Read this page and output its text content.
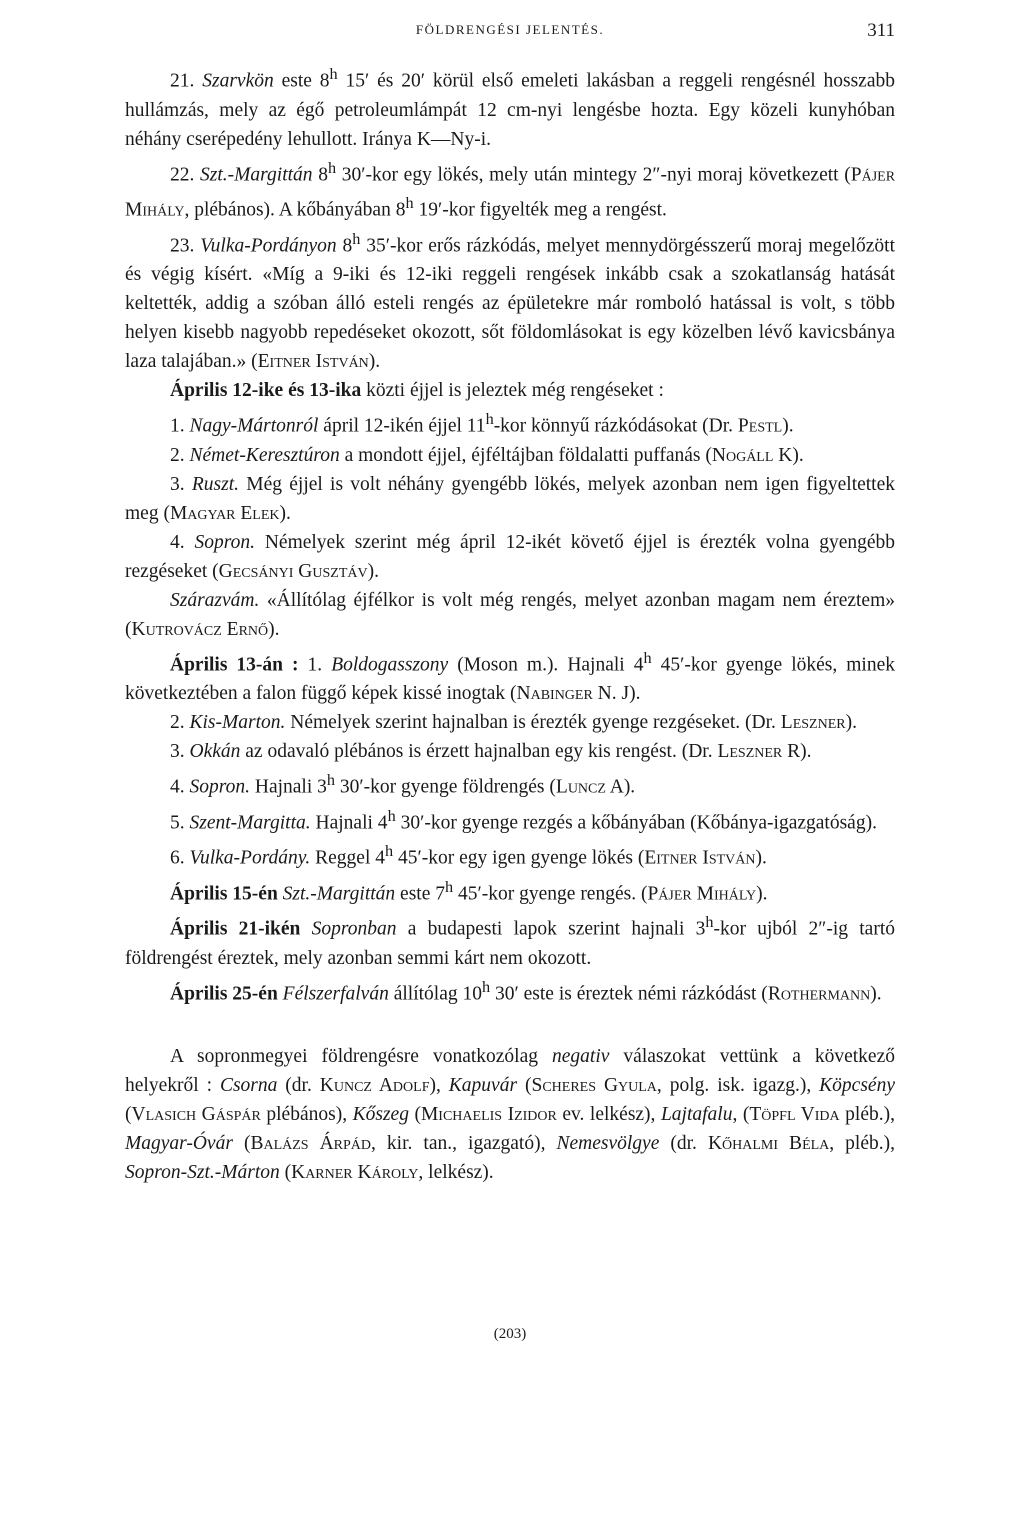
FÖLDRENGÉSI JELENTÉS.	311

21. Szarvkön este 8$^h$ 15′ és 20′ körül első emeleti lakásban a reggeli rengésnél hosszabb hullámzás, mely az égő petroleumlámpát 12 cm-nyi lengésbe hozta. Egy közeli kunyhóban néhány cserépedény lehullott. Iránya K—Ny-i.

22. Szt.-Margittán 8$^h$ 30′-kor egy lökés, mely után mintegy 2″-nyi moraj következett (Pájer Mihály, plébános). A kőbányában 8$^h$ 19′-kor figyelték meg a rengést.

23. Vulka-Pordányon 8$^h$ 35′-kor erős rázkódás, melyet mennydörgésszerű moraj megelőzött és végig kísért. «Míg a 9-iki és 12-iki reggeli rengések inkább csak a szokatlanság hatását keltették, addig a szóban álló esteli rengés az épületekre már romboló hatással is volt, s több helyen kisebb nagyobb repedéseket okozott, sőt földomlásokat is egy közelben lévő kavicsbánya laza talajában.» (Eitner István).

Április 12-ike és 13-ika közti éjjel is jeleztek még rengéseket :

1. Nagy-Mártonról ápril 12-ikén éjjel 11$^h$-kor könnyű rázkódásokat (Dr. Pestl).

2. Német-Keresztúron a mondott éjjel, éjféltájban földalatti puffanás (Nogáll K).

3. Ruszt. Még éjjel is volt néhány gyengébb lökés, melyek azonban nem igen figyeltettek meg (Magyar Elek).

4. Sopron. Némelyek szerint még ápril 12-ikét követő éjjel is érezték volna gyengébb rezgéseket (Gecsányi Gusztáv).

Szárazvám. «Állítólag éjfélkor is volt még rengés, melyet azonban magam nem éreztem» (Kutrovácz Ernő).

Április 13-án : 1. Boldogasszony (Moson m.). Hajnali 4$^h$ 45′-kor gyenge lökés, minek következtében a falon függő képek kissé inogtak (Nabinger N. J).

2. Kis-Marton. Némelyek szerint hajnalban is érezték gyenge rezgéseket. (Dr. Leszner).

3. Okkán az odavaló plébános is érzett hajnalban egy kis rengést. (Dr. Leszner R).

4. Sopron. Hajnali 3$^h$ 30′-kor gyenge földrengés (Luncz A).

5. Szent-Margitta. Hajnali 4$^h$ 30′-kor gyenge rezgés a kőbányában (Kőbánya-igazgatóság).

6. Vulka-Pordány. Reggel 4$^h$ 45′-kor egy igen gyenge lökés (Eitner István).

Április 15-én Szt.-Margittán este 7$^h$ 45′-kor gyenge rengés. (Pájer Mihály).

Április 21-ikén Sopronban a budapesti lapok szerint hajnali 3$^h$-kor ujból 2″-ig tartó földrengést éreztek, mely azonban semmi kárt nem okozott.

Április 25-én Félszerfalván állítólag 10$^h$ 30′ este is éreztek némi rázkódást (Rothermann).

A sopronmegyei földrengésre vonatkozólag negativ válaszokat vettünk a következő helyekről : Csorna (dr. Kuncz Adolf), Kapuvár (Scheres Gyula, polg. isk. igazg.), Köpcsény (Vlasich Gáspár plébános), Kőszeg (Michaelis Izidor ev. lelkész), Lajtafalu, (Töpfl Vida pléb.), Magyar-Óvár (Balázs Árpád, kir. tan., igazgató), Nemesvölgye (dr. Kőhalmi Béla, pléb.), Sopron-Szt.-Márton (Karner Károly, lelkész).

(203)
